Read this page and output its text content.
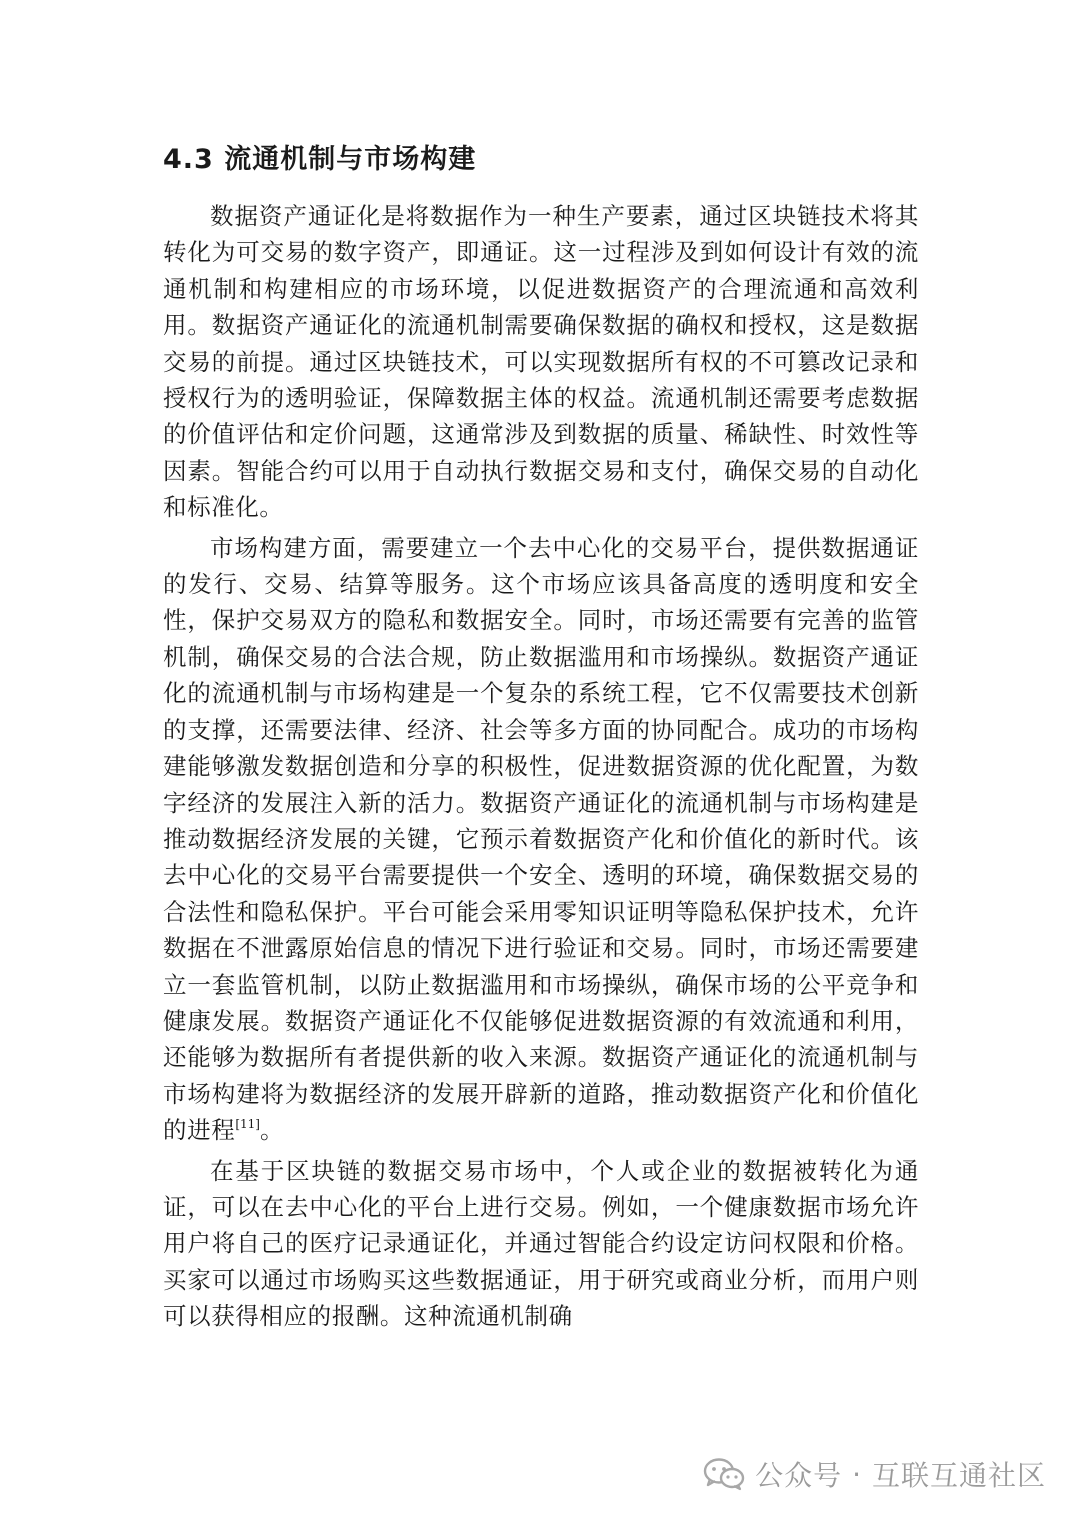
4.3 流通机制与市场构建

数据资产通证化是将数据作为一种生产要素，通过区块链技术将其转化为可交易的数字资产，即通证。这一过程涉及到如何设计有效的流通机制和构建相应的市场环境，以促进数据资产的合理流通和高效利用。数据资产通证化的流通机制需要确保数据的确权和授权，这是数据交易的前提。通过区块链技术，可以实现数据所有权的不可篡改记录和授权行为的透明验证，保障数据主体的权益。流通机制还需要考虑数据的价值评估和定价问题，这通常涉及到数据的质量、稀缺性、时效性等因素。智能合约可以用于自动执行数据交易和支付，确保交易的自动化和标准化。

市场构建方面，需要建立一个去中心化的交易平台，提供数据通证的发行、交易、结算等服务。这个市场应该具备高度的透明度和安全性，保护交易双方的隐私和数据安全。同时，市场还需要有完善的监管机制，确保交易的合法合规，防止数据滥用和市场操纵。数据资产通证化的流通机制与市场构建是一个复杂的系统工程，它不仅需要技术创新的支撑，还需要法律、经济、社会等多方面的协同配合。成功的市场构建能够激发数据创造和分享的积极性，促进数据资源的优化配置，为数字经济的发展注入新的活力。数据资产通证化的流通机制与市场构建是推动数据经济发展的关键，它预示着数据资产化和价值化的新时代。该去中心化的交易平台需要提供一个安全、透明的环境，确保数据交易的合法性和隐私保护。平台可能会采用零知识证明等隐私保护技术，允许数据在不泄露原始信息的情况下进行验证和交易。同时，市场还需要建立一套监管机制，以防止数据滥用和市场操纵，确保市场的公平竞争和健康发展。数据资产通证化不仅能够促进数据资源的有效流通和利用，还能够为数据所有者提供新的收入来源。数据资产通证化的流通机制与市场构建将为数据经济的发展开辟新的道路，推动数据资产化和价值化的进程[11]。

在基于区块链的数据交易市场中，个人或企业的数据被转化为通证，可以在去中心化的平台上进行交易。例如，一个健康数据市场允许用户将自己的医疗记录通证化，并通过智能合约设定访问权限和价格。买家可以通过市场购买这些数据通证，用于研究或商业分析，而用户则可以获得相应的报酬。这种流通机制确

公众号 · 互联互通社区
